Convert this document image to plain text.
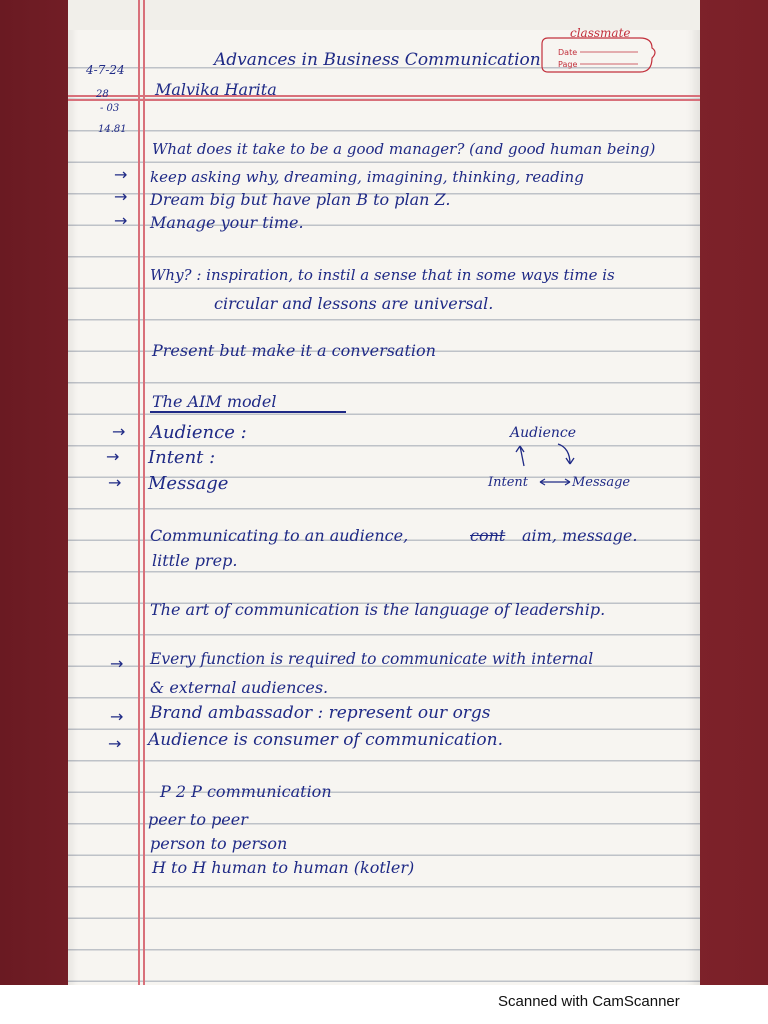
classmate
Date
Page
4-7-24
28
- 03
14.81
Advances in Business Communication
Malvika Harita
What does it take to be a good manager? (and good human being)
→ keep asking why, dreaming, imagining, thinking, reading
→ Dream big but have plan B to plan Z.
→ Manage your time.
Why? : inspiration, to instil a sense that in some ways time is
circular and lessons are universal.
Present but make it a conversation
The AIM model
→ Audience :
→ Intent :
→ Message
Audience
Intent	Message
Communicating to an audience,	cont aim, message.
little prep.
The art of communication is the language of leadership.
→ Every function is required to communicate with internal
& external audiences.
→ Brand ambassador : represent our orgs
→ Audience is consumer of communication.
P 2 P communication
peer to peer
person to person
H to H human to human (kotler)
Scanned with CamScanner
